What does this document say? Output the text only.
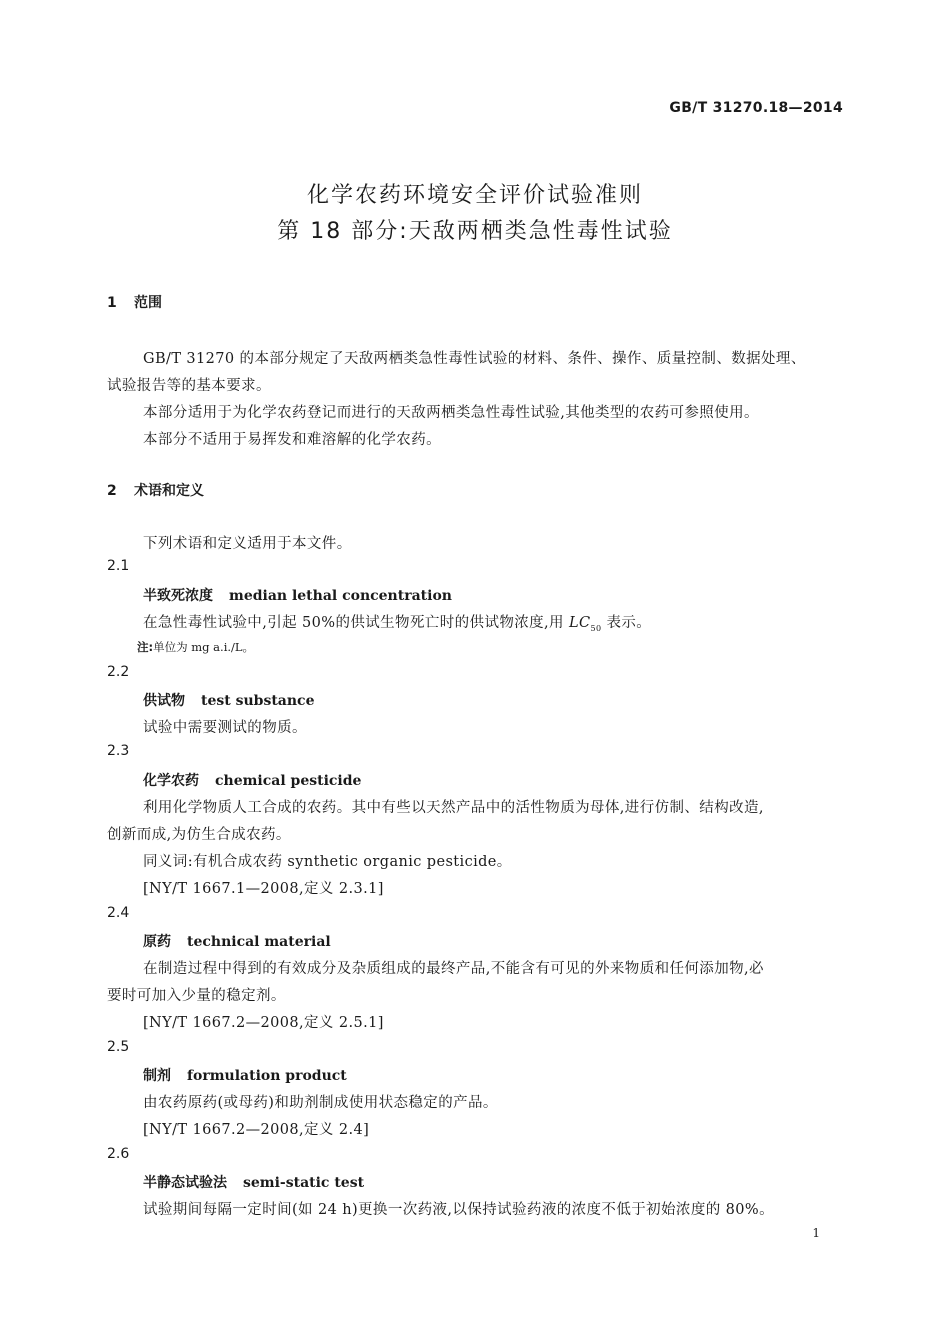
GB/T 31270.18—2014
化学农药环境安全评价试验准则
第 18 部分:天敌两栖类急性毒性试验
1 范围
GB/T 31270 的本部分规定了天敌两栖类急性毒性试验的材料、条件、操作、质量控制、数据处理、
试验报告等的基本要求。
本部分适用于为化学农药登记而进行的天敌两栖类急性毒性试验,其他类型的农药可参照使用。
本部分不适用于易挥发和难溶解的化学农药。
2 术语和定义
下列术语和定义适用于本文件。
2.1
半致死浓度 median lethal concentration
在急性毒性试验中,引起 50%的供试生物死亡时的供试物浓度,用 $LC_{50}$ 表示。
注:单位为 mg a.i./L。
2.2
供试物 test substance
试验中需要测试的物质。
2.3
化学农药 chemical pesticide
利用化学物质人工合成的农药。其中有些以天然产品中的活性物质为母体,进行仿制、结构改造,
创新而成,为仿生合成农药。
同义词:有机合成农药 synthetic organic pesticide。
[NY/T 1667.1—2008,定义 2.3.1]
2.4
原药 technical material
在制造过程中得到的有效成分及杂质组成的最终产品,不能含有可见的外来物质和任何添加物,必
要时可加入少量的稳定剂。
[NY/T 1667.2—2008,定义 2.5.1]
2.5
制剂 formulation product
由农药原药(或母药)和助剂制成使用状态稳定的产品。
[NY/T 1667.2—2008,定义 2.4]
2.6
半静态试验法 semi-static test
试验期间每隔一定时间(如 24 h)更换一次药液,以保持试验药液的浓度不低于初始浓度的 80%。
1
